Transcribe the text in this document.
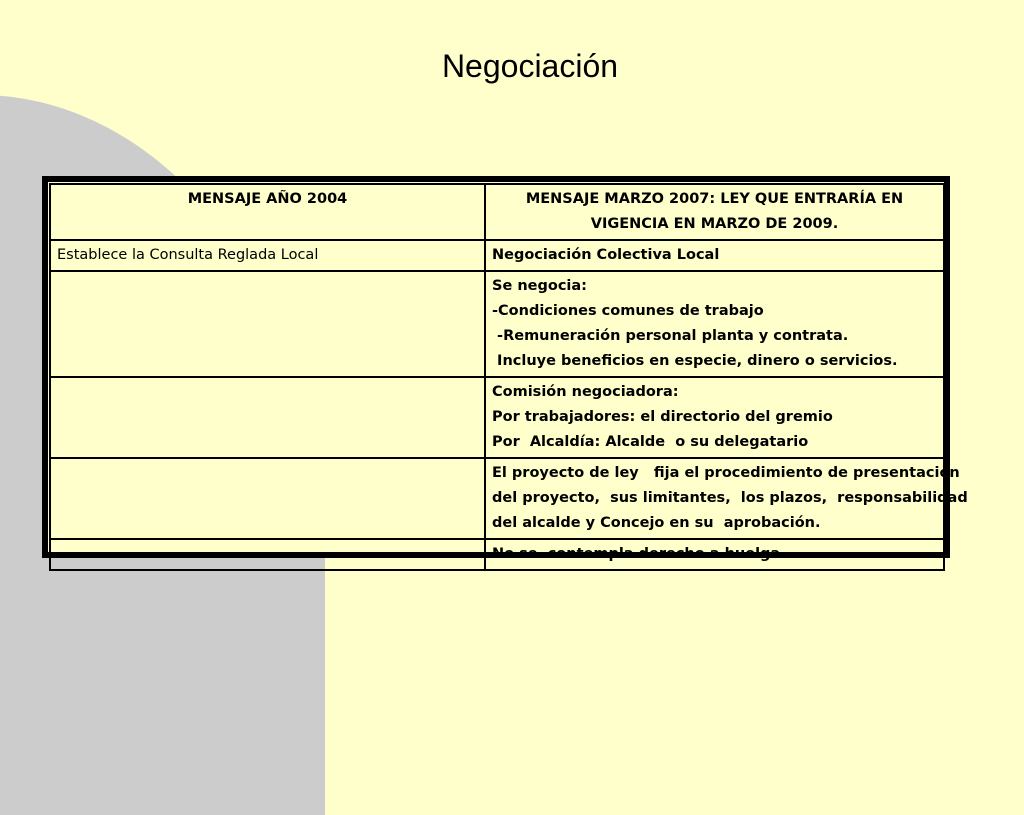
Negociación
MENSAJE AÑO 2004	MENSAJE MARZO 2007: LEY QUE ENTRARÍA EN VIGENCIA EN MARZO DE 2009.
Establece la Consulta Reglada Local	Negociación Colectiva Local

	Se negocia:
-Condiciones comunes de trabajo
-Remuneración personal planta y contrata.
Incluye beneficios en especie, dinero o servicios.

	Comisión negociadora:
Por trabajadores: el directorio del gremio
Por  Alcaldía: Alcalde  o su delegatario

	El proyecto de ley   fija el procedimiento de presentación
del proyecto,  sus limitantes,  los plazos,  responsabilidad
del alcalde y Concejo en su  aprobación.

	No se  contempla derecho a huelga.
